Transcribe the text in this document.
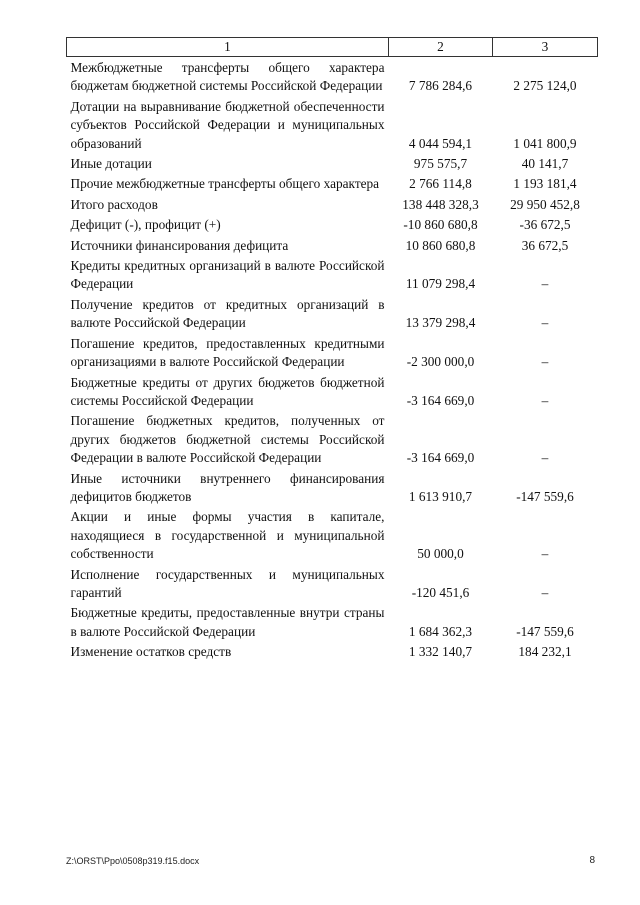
1	2	3
Межбюджетные трансферты общего характера бюджетам бюджетной системы Российской Федерации	7 786 284,6	2 275 124,0
Дотации на выравнивание бюджетной обеспеченности субъектов Российской Федерации и муниципальных образований	4 044 594,1	1 041 800,9
Иные дотации	975 575,7	40 141,7
Прочие межбюджетные трансферты общего характера	2 766 114,8	1 193 181,4
Итого расходов	138 448 328,3	29 950 452,8
Дефицит (-), профицит (+)	-10 860 680,8	-36 672,5
Источники финансирования дефицита	10 860 680,8	36 672,5
Кредиты кредитных организаций в валюте Российской Федерации	11 079 298,4	–
Получение кредитов от кредитных организаций в валюте Российской Федерации	13 379 298,4	–
Погашение кредитов, предоставленных кредитными организациями в валюте Российской Федерации	-2 300 000,0	–
Бюджетные кредиты от других бюджетов бюджетной системы Российской Федерации	-3 164 669,0	–
Погашение бюджетных кредитов, полученных от других бюджетов бюджетной системы Российской Федерации в валюте Российской Федерации	-3 164 669,0	–
Иные источники внутреннего финансирования дефицитов бюджетов	1 613 910,7	-147 559,6
Акции и иные формы участия в капитале, находящиеся в государственной и муниципальной собственности	50 000,0	–
Исполнение государственных и муниципальных гарантий	-120 451,6	–
Бюджетные кредиты, предоставленные внутри страны в валюте Российской Федерации	1 684 362,3	-147 559,6
Изменение остатков средств	1 332 140,7	184 232,1
Z:\ORST\Ppo\0508p319.f15.docx	8
